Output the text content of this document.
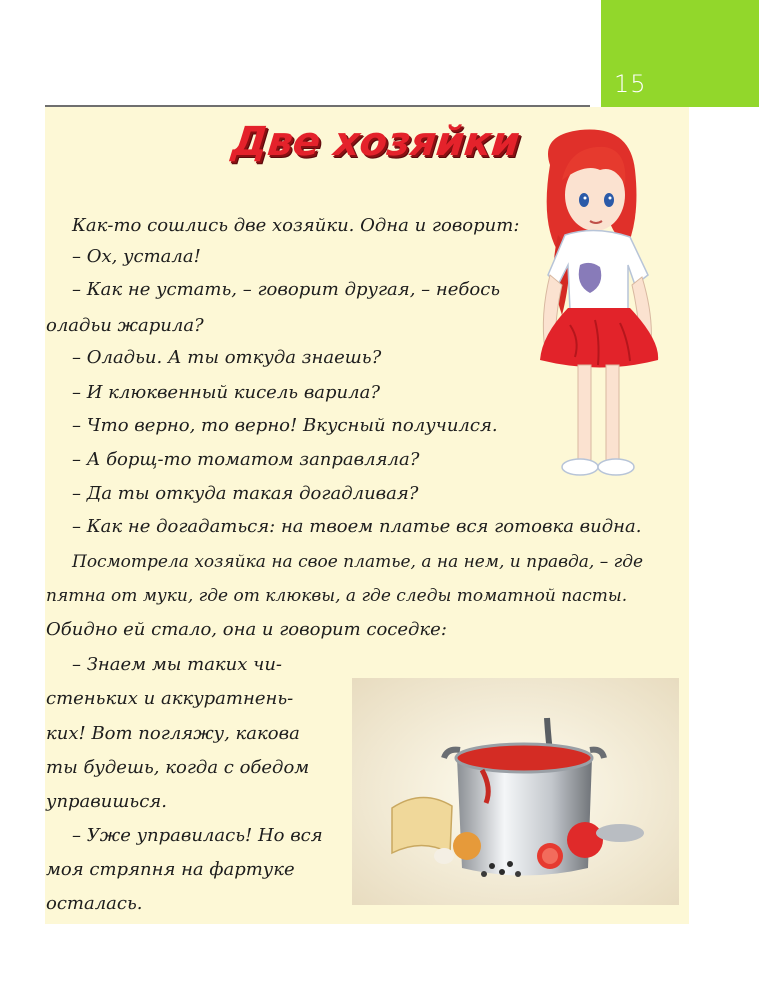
15
Две хозяйки
Как-то сошлись две хозяйки. Одна и говорит:
– Ох, устала!
– Как не устать, – говорит другая, – небось
оладьи жарила?
– Оладьи. А ты откуда знаешь?
– И клюквенный кисель варила?
– Что верно, то верно! Вкусный получился.
– А борщ-то томатом заправляла?
– Да ты откуда такая догадливая?
– Как не догадаться: на твоем платье вся готовка видна.
Посмотрела хозяйка на свое платье, а на нем, и правда, – где
пятна от муки, где от клюквы, а где следы томатной пасты.
Обидно ей стало, она и говорит соседке:
– Знаем мы таких чи-
стеньких и аккуратнень-
ких! Вот погляжу, какова
ты будешь, когда с обедом
управишься.
– Уже управилась! Но вся
моя стряпня на фартуке
осталась.
